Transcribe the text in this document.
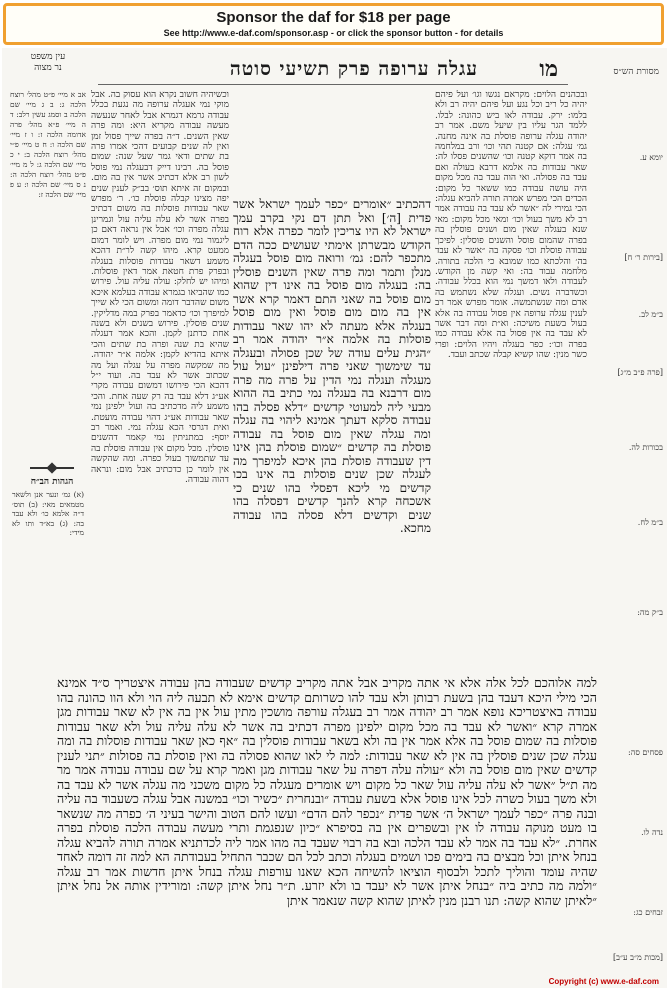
Sponsor the daf for $18 per page
See http://www.e-daf.com/sponsor.asp - or click the sponsor button - for details
מו
עגלה ערופה פרק תשיעי סוטה
עין משפט
נר מצוה	מסורת הש״ס

ובכהנים הלוים: מקראם נגשו וגו׳ ועל פיהם יהיה כל ריב וכל נגע ועל פיהם יהיה רב ולא בלמו: ירק. עבודה לאו ביש כהונה: לבלו. ללמד הגר עליו בין שיעל משם. אמר רב יהודה עגלה ערופה פוסלת בה אינה מחנה. גמ׳ עגלה: אם קטנה תהי וכו׳ ורב במלחמה בה אמר דוקא קטנה וכו׳ שהשנים פסלו לה: שאר עבודות בה אלמא דרבא בעולה ואם עבד בה פסולה. ואי הוה עבד בה מכל מקום היה עושה עבודה כמו ששאר כל מקום: הכדים הכי מפרש אמרה תורה להביא עגלה: הכי גמירי לה ״אשר לא עבד בה עבודה אמר רב לא משך בעול וכו׳ ומאי מכל מקום: מאי שנא בעגלה שאין מום ושנים פוסלין בה בפרה שהמום פוסל והשנים פוסלין: לפיכך עבודה פוסלת וכו׳ פסקה בה ״אשר לא עבד בה׳ והלכתא כמו שמובא כי הלכה בתורה. מלחמה עבוד בה: ואי קשה מן הקודש. לעבודה ולאו דמשך נמי הוא בכלל עבודה. וכשדברה נשים. ועגלה שלא נשתמש בה אדם ומה שנשתמשה. אומר מפרש אמר רב לענין עגלה ערופה אין פסול עבודה בה אלא בעול בשעת משיכה: וא״ת ומה דבר אשר לא עבד בה אין פסול בה אלא עבודה כמו בפרה וכו׳: כפר בעגלה ויהיו הלוים: ופרי כשר מנין: שהו קשיא קבלה שכתב ועבד.

דהכתיב ״אומרים ״כפר לעמך ישראל אשר פדית [ה׳] ואל תתן דם נקי בקרב עמך ישראל לא היו צריכין לומר כפרה אלא רוח הקודש מבשרתן אימתי שעושים ככה הדם מתכפר להם: גמ׳ ורואה מום פוסל בעגלה מנלן ותמר ומה פרה שאין השנים פוסלין בה: בעגלה מום פוסל בה אינו דין שהוא מום פוסל בה שאני התם דאמר קרא אשר אין בה מום מום פוסל ואין מום פוסל בעגלה אלא מעתה לא יהו שאר עבודות פוסלות בה אלמה א״ר יהודה אמר רב ״הגית עלים עודה של שכן פסולה ובעגלה עד שימשוך שאני פרה דילפינן ״עול עול מעגלה ועגלה נמי הדין על פרה מה פרה מום דרבנא בה בעגלה נמי כתיב בה ההוא מבעי ליה למעוטי קדשים ״דלא פסלה בהו עבודה סלקא דעתך אמינא ליהוי בה עגלה ומה עגלה שאין מום פוסל בה עבודה פוסלת בה קדשים ״שמום פוסלת בהן אינו דין שעבודה פוסלת בהן איכא למיפרך מה לעגלה שכן שנים פוסלות בה אינו בכו קדשים מי ליכא דפסלי בהו שנים כי אשכחה קרא להנך קדשים דפסלה בהו שנים וקדשים דלא פסלה בהו עבודה מחכא.

וכשיהיה חשוב נקרא הוא עסוק בה. אבל מוקי נמי אעגלה ערופה מה נגעת בכלל עבודה גרמא דגמרא אבל לאחר שנעשה מעשה עבודה מקריא היא: ומה פרה שאין השנים. ד״ה בפרה שייך פסול זמן ואין לה שנים קבועים דהכי אמרו פרה בת שתים ודאי גמר שעל שנה: שמום פוסל בה. רבינו דייק דבעגלה נמי פוסל לשון רב אלא דכתיב אשר אין בה מום. ובמקום זה איתא תוס׳ בב״ק לענין שנים יפה מצינו קבלה פוסלת כו׳. ר׳ מפרש שאר עבודות פוסלות בה משום דכתיב בפרה אשר לא עלה עליה עול וגמרינן עגלה מפרה וכו׳ אבל אין נראה דאם כן ליגמור נמי מום מפרה. ויש לומר דמום ממעט קרא. מיהו קשה לר״ת דהכא משמע דשאר עבודות פוסלות בעגלה ובפרק פרת חטאת אמר דאין פוסלות. ומיהו יש לחלק: עולה עליה עול. פירוש כמו שהביאו בגמרא עבודה בעלמא איכא משום שהדבר דומה ומשום הכי לא שייך למיפרך וכו׳ כדאמר בפרק במה מדליקין. שנים פוסלין. פירוש בשנים ולא בשנה אחת כדתנן לקמן. והכא אמר דעגלה שהיא בת שנה ופרה בת שתים והכי איתא בהדיא לקמן: אלמה א״ר יהודה. מה שמקשה מפרה על עגלה ועל מה שכתוב אשר לא עבד בה. ועוד י״ל דהכא הכי פירושו דמשום עבודה מקרי אע״ג דלא עבד בה רק שעה אחת. והכי משמע ליה מדכתיב בה ועול ילפינן נמי שאר עבודות אע״ג דהוי עבודה מועטת. ואית דגרסי הכא עגלה נמי. ואמר רב יוסף: במתניתין נמי קאמר דהשנים פוסלין. מכל מקום אין עבודה פוסלת בה עד שתמשוך בעול כפרה. ומה שהקשה אין לומר כן כדכתיב אבל מום: ונראה דהוה עבודה.

אב א מיי׳ פ״ט מהל׳ רוצח הלכה ג: ב ג מיי׳ שם הלכה ב וסמג עשין רלב: ד ה מיי׳ פ״א מהל׳ פרה אדומה הלכה ז: ו ז מיי׳ שם הלכה ו: ח ט מיי׳ פ״י מהל׳ רוצח הלכה ב: י כ מיי׳ שם הלכה ג: ל מ מיי׳ פ״ט מהל׳ רוצח הלכה ה: נ ס מיי׳ שם הלכה ו: ע פ מיי׳ שם הלכה ז:

הגהות הב״ח

(א) גמ׳ ונער אנן ולשאר מטמאים מאי: (ב) תוס׳ ד״ה אלמא כו׳ ולא עבד בה: (ג) בא״ד ותו לא מידי:

יומא ע.
[בירות ר׳ ח]
ב״מ לב.
[פרה פ״ב מ״ג]
בכורות לה.
ב״מ לח.
ב״ק מה:
פסחים סה:
נדה לו.
זבחים כג:
[מכות מ״ב ע״ב]

למה אלוהכם לכל אלה אלא אי אתה מקריב אבל אתה מקריב קדשים שעבודה בהן עבודה איצטריך ס״ד אמינא הכי מילי היכא דעבד בהן בשעת רבותן ולא עבד להו כשרותם קדשים אימא לא תבעה ליה הוי ולא הוו כהונה בהו עבודה באיצטריכא נופא אמר רב יהודה אמר רב בעגלה עורפה מושכין מתין עול אין בה אין לא שאר עבודות מגן אמרה קרא ״ואשר לא עבד בה מכל מקום ילפינן מפרה דכתיב בה אשר לא עלה עליה עול ולא שאר עבודות פוסלות בה שמום פוסל בה אלא אמר אין בה ולא בשאר עבודות פוסלין בה ״אף כאן שאר עבודות פוסלות בה ומה עגלה שכן שנים פוסלין בה אין לא שאר עבודות: למה לי לאו שהוא פסולה בה ואין פוסלת בה פסולות ״תני לענין קדשים שאין מום פוסל בה ולא ״עולה עלה דפרה על שאר עבודות מגן ואמר קרא על שם עבודה עבודה אמר מר מה ת״ל ״אשר לא עלה עליה עול שאר כל מקום ויש אומרים מעגלה כל מקום משכני מה עגלה אשר לא עבד בה ולא משך בעול כשרה לכל אינו פוסל אלא בשעת עבודה ״ובנחרית ״כשיר וכו״ במשנה אבל עגלה כשעבוד בה עליה ובנה פרה ״כפר לעמך ישראל ה׳ אשר פדית ״נכפר להם הדם״ ועשו להם הטוב והישר בעיני ה׳ כפרה מה שנשאר בו מעט מנוקה עבודה לו אין ובשפרים אין בה בסיפרא ״כיון שנפגמת ותרי מעשה עבודה הלכה פוסלת בפרה אחרת. ״לא עבד בה אמר לא עבד הלכה ובא בה רבוי שעבד בה מהו אמר ליה לכדתניא אמרה תורה להביא עגלה בנחל איתן וכל מבצים בה בימים פכו ושמים בעגלה וכתב לכל הם שכבר התחיל בעבודתה הא למה זה דומה לאחד שהיה עומד והוליך לתכל ולבסוף הוציאו להשיחה הכא שאנו עורפות עגלה בנחל איתן חדשות אמר רב עגלה ״ולמה מה כתיב ביה ״בנחל איתן אשר לא יעבד בו ולא יזרע. ת״ר נחל איתן קשה: ומורידין אותה אל נחל איתן ״לאיתן שהוא קשה: תנו רבנן מנין לאיתן שהוא קשה שנאמר איתן

Copyright (c) www.e-daf.com
